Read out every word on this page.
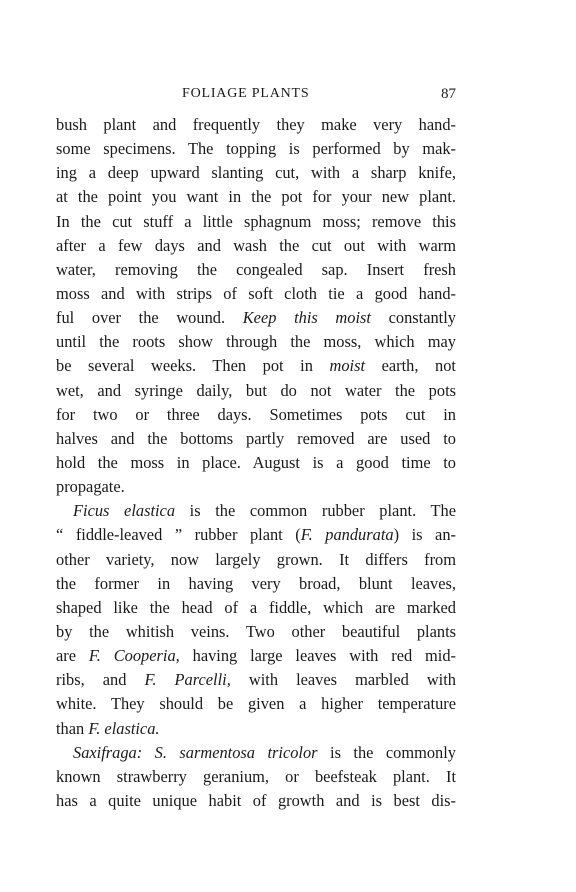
FOLIAGE PLANTS	87
bush plant and frequently they make very hand-
some specimens. The topping is performed by mak-
ing a deep upward slanting cut, with a sharp knife,
at the point you want in the pot for your new plant.
In the cut stuff a little sphagnum moss; remove this
after a few days and wash the cut out with warm
water, removing the congealed sap. Insert fresh
moss and with strips of soft cloth tie a good hand-
ful over the wound. Keep this moist constantly
until the roots show through the moss, which may
be several weeks. Then pot in moist earth, not
wet, and syringe daily, but do not water the pots
for two or three days. Sometimes pots cut in
halves and the bottoms partly removed are used to
hold the moss in place. August is a good time to
propagate.
Ficus elastica is the common rubber plant. The
“ fiddle-leaved ” rubber plant (F. pandurata) is an-
other variety, now largely grown. It differs from
the former in having very broad, blunt leaves,
shaped like the head of a fiddle, which are marked
by the whitish veins. Two other beautiful plants
are F. Cooperia, having large leaves with red mid-
ribs, and F. Parcelli, with leaves marbled with
white. They should be given a higher temperature
than F. elastica.
Saxifraga: S. sarmentosa tricolor is the commonly
known strawberry geranium, or beefsteak plant. It
has a quite unique habit of growth and is best dis-
